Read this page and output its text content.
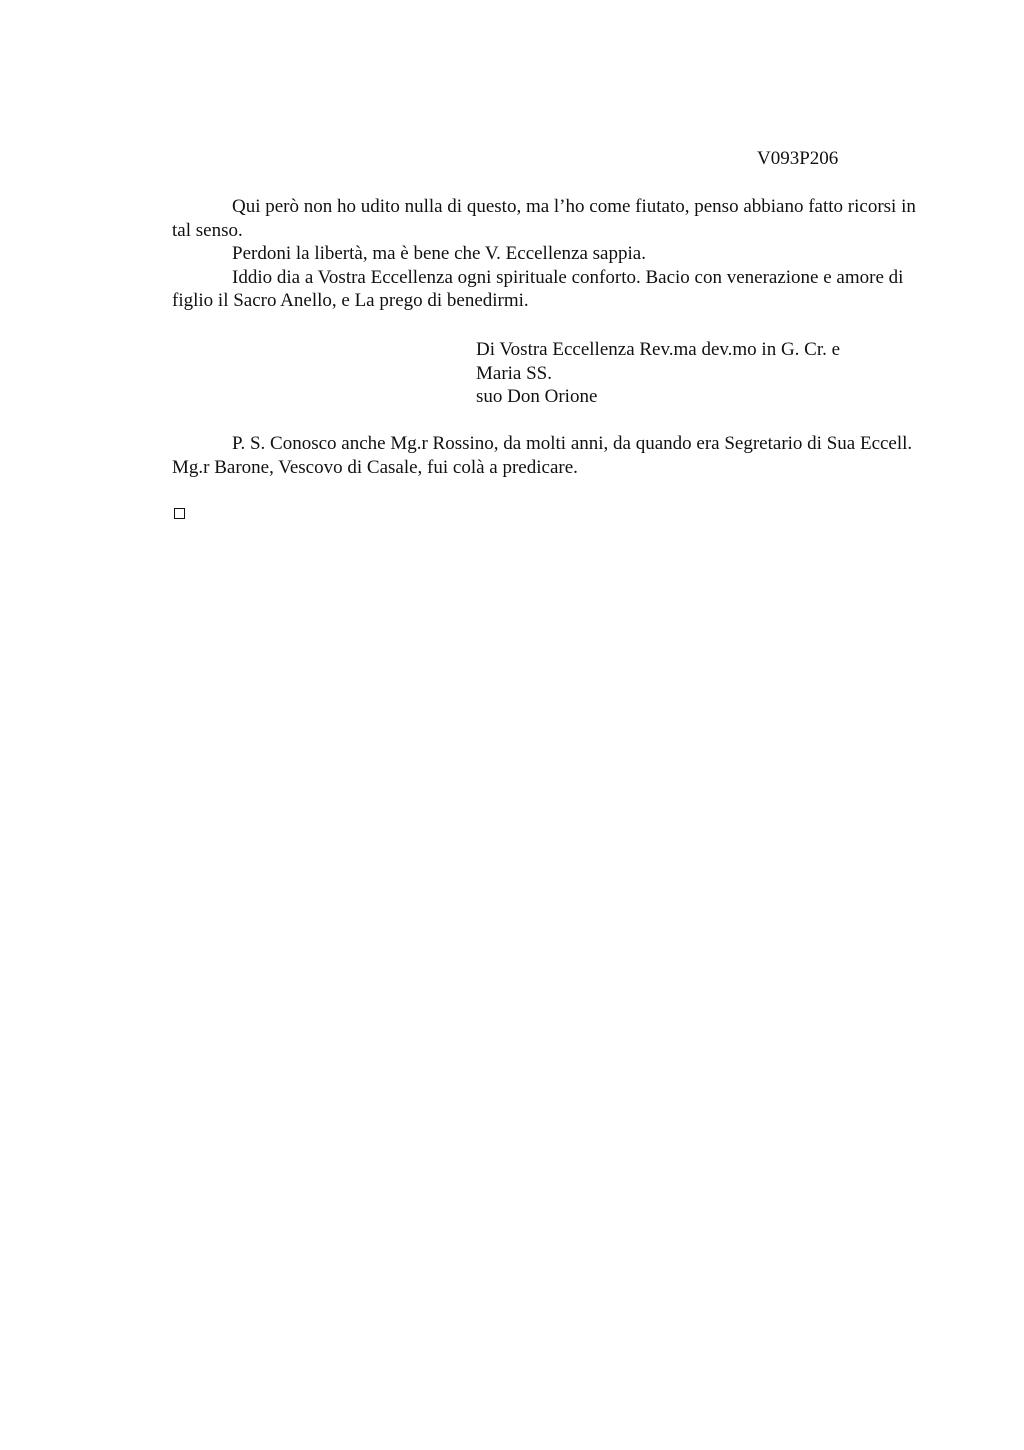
V093P206

Qui però non ho udito nulla di questo, ma l’ho come fiutato, penso abbiano fatto ricorsi in tal senso.

Perdoni la libertà, ma è bene che V. Eccellenza sappia.

Iddio dia a Vostra Eccellenza ogni spirituale conforto. Bacio con venerazione e amore di figlio il Sacro Anello, e La prego di benedirmi.

Di Vostra Eccellenza Rev.ma dev.mo in G. Cr. e
Maria SS.
suo Don Orione

P. S. Conosco anche Mg.r Rossino, da molti anni, da quando era Segretario di Sua Eccell. Mg.r Barone, Vescovo di Casale, fui colà a predicare.
